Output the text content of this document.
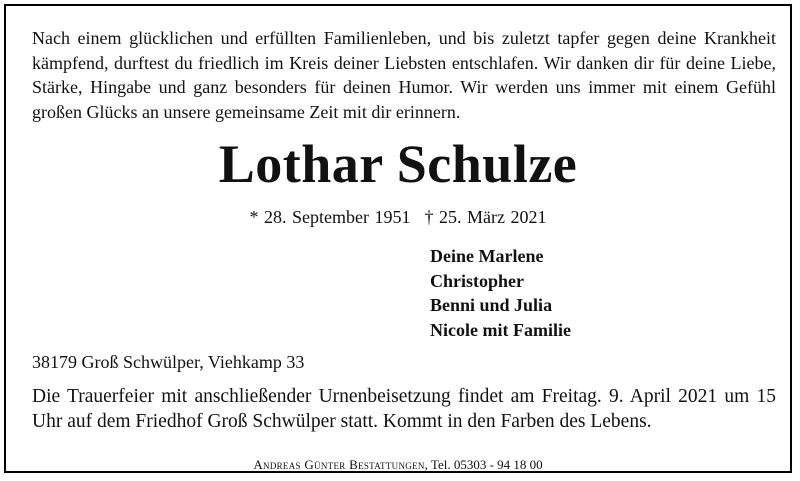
Nach einem glücklichen und erfüllten Familienleben, und bis zuletzt tapfer gegen deine Krankheit kämpfend, durftest du friedlich im Kreis deiner Liebsten entschlafen. Wir danken dir für deine Liebe, Stärke, Hingabe und ganz besonders für deinen Humor. Wir werden uns immer mit einem Gefühl großen Glücks an unsere gemeinsame Zeit mit dir erinnern.

Lothar Schulze
* 28. September 1951 † 25. März 2021
Deine Marlene
Christopher
Benni und Julia
Nicole mit Familie
38179 Groß Schwülper, Viehkamp 33

Die Trauerfeier mit anschließender Urnenbeisetzung findet am Freitag. 9. April 2021 um 15 Uhr auf dem Friedhof Groß Schwülper statt. Kommt in den Farben des Lebens.

Andreas Günter Bestattungen, Tel. 05303 - 94 18 00
